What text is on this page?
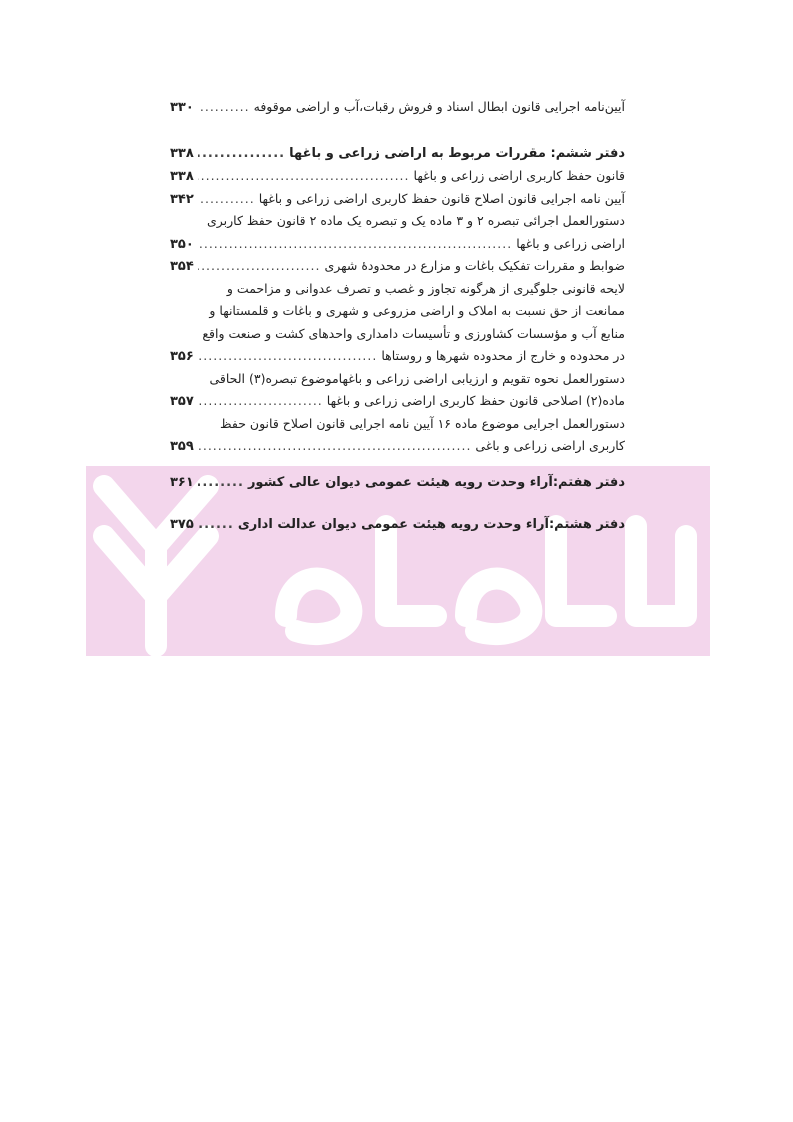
آیین‌نامه اجرایی قانون ابطال اسناد و فروش رقبات،آب و اراضی موقوفه
.....
۳۳۰
دفتر ششم: مقررات مربوط به اراضی زراعی و باغها
.....
۳۳۸
قانون حفظ کاربری اراضی زراعی و باغها
.....
۳۳۸
آیین نامه اجرایی قانون اصلاح قانون حفظ کاربری اراضی زراعی و باغها
.....
۳۴۲
دستورالعمل اجرائی تبصره ۲ و ۳ ماده یک و تبصره یک ماده ۲ قانون حفظ کاربری
اراضی زراعی و باغها
.....
۳۵۰
ضوابط و مقررات تفکیک باغات و مزارع در محدودهٔ شهری
.....
۳۵۴
لایحه قانونی جلوگیری از هرگونه تجاوز و غصب و تصرف عدوانی و مزاحمت و
ممانعت از حق نسبت به املاک و اراضی مزروعی و شهری و باغات و قلمستانها و
منابع آب و مؤسسات کشاورزی و تأسیسات دامداری واحدهای کشت و صنعت واقع
در محدوده و خارج از محدوده شهرها و روستاها
.....
۳۵۶
دستورالعمل نحوه تقویم و ارزیابی اراضی زراعی و باغهاموضوع تبصره(۳) الحاقی
ماده(۲) اصلاحی قانون حفظ کاربری اراضی زراعی و باغها
.....
۳۵۷
دستورالعمل اجرایی موضوع ماده ۱۶ آیین نامه اجرایی قانون اصلاح قانون حفظ
کاربری اراضی زراعی و باغی
.....
۳۵۹
دفتر هفتم:آراء وحدت رویه هیئت عمومی دیوان عالی کشور
.....
۳۶۱
دفتر هشتم:آراء وحدت رویه هیئت عمومی دیوان عدالت اداری
.....
۳۷۵
